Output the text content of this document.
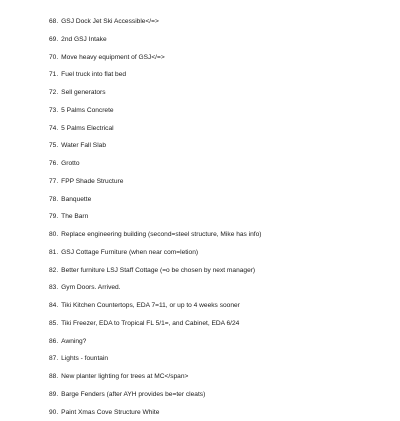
68. GSJ Dock Jet Ski Accessible</=>
69. 2nd GSJ Intake
70. Move heavy equipment of GSJ</=>
71. Fuel truck into flat bed
72. Sell generators
73. 5 Palms Concrete
74. 5 Palms Electrical
75. Water Fall Slab
76. Grotto
77. FPP Shade Structure
78. Banquette
79. The Barn
80. Replace engineering building (second=steel structure, Mike has info)
81. GSJ Cottage Furniture (when near com=letion)
82. Better furniture LSJ Staff Cottage (=o be chosen by next manager)
83. Gym Doors. Arrived.
84. Tiki Kitchen Countertops, EDA 7=11, or up to 4 weeks sooner
85. Tiki Freezer, EDA to Tropical FL 5/1=, and Cabinet, EDA 6/24
86. Awning?
87. Lights - fountain
88. New planter lighting for trees at MC</span>
89. Barge Fenders (after AYH provides be=ter cleats)
90. Paint Xmas Cove Structure White
